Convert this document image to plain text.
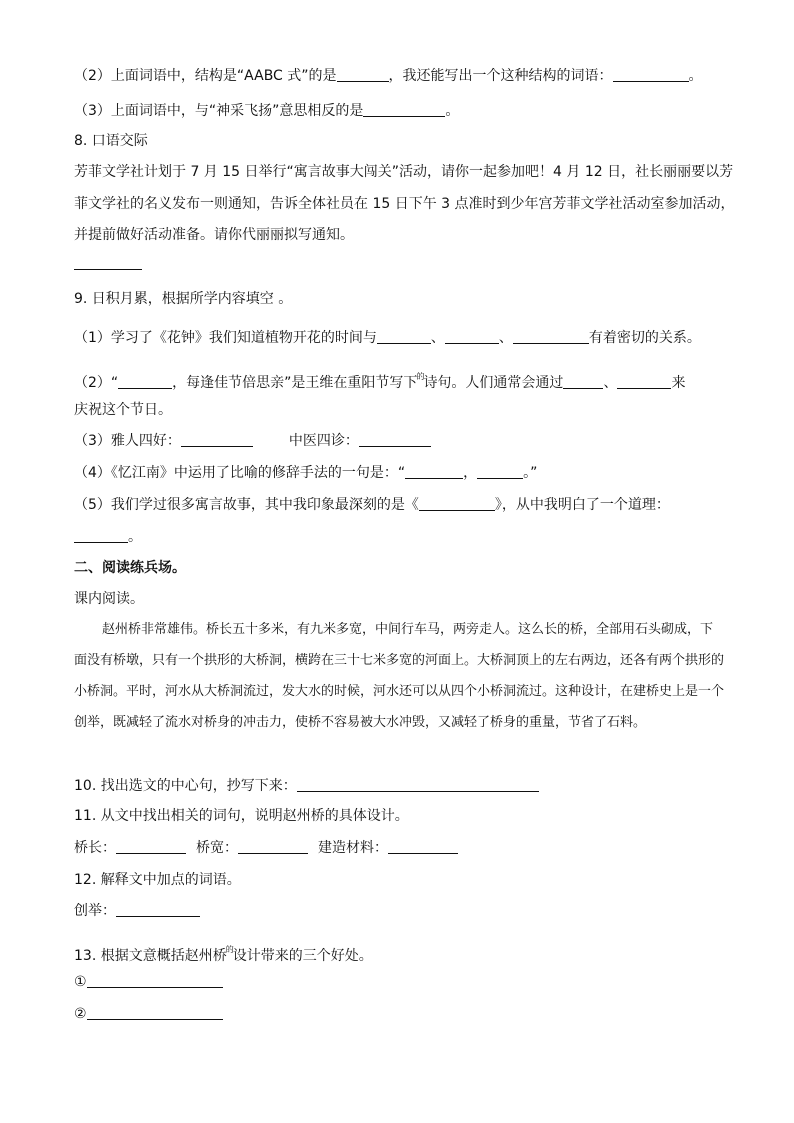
（2）上面词语中，结构是“AABC 式”的是	，我还能写出一个这种结构的词语：	。
（3）上面词语中，与“神采飞扬”意思相反的是	。
8. 口语交际
芳菲文学社计划于 7 月 15 日举行“寓言故事大闯关”活动，请你一起参加吧！4 月 12 日，社长丽丽要以芳
菲文学社的名义发布一则通知，告诉全体社员在 15 日下午 3 点准时到少年宫芳菲文学社活动室参加活动，
并提前做好活动准备。请你代丽丽拟写通知。
9. 日积月累，根据所学内容填空 。
（1）学习了《花钟》我们知道植物开花的时间与	、	、	有着密切的关系。
（2）“	，每逢佳节倍思亲”是王维在重阳节写下$^的$诗句。人们通常会通过	、	来
庆祝这个节日。
（3）雅人四好：	中医四诊：
（4）《忆江南》中运用了比喻的修辞手法的一句是：“	，	。”
（5）我们学过很多寓言故事，其中我印象最深刻的是《	》，从中我明白了一个道理：
。
二、阅读练兵场。
课内阅读。

赵州桥非常雄伟。桥长五十多米，有九米多宽，中间行车马，两旁走人。这么长的桥，全部用石头砌成，下面没有桥墩，只有一个拱形的大桥洞，横跨在三十七米多宽的河面上。大桥洞顶上的左右两边，还各有两个拱形的小桥洞。平时，河水从大桥洞流过，发大水的时候，河水还可以从四个小桥洞流过。这种设计，在建桥史上是一个创举，既减轻了流水对桥身的冲击力，使桥不容易被大水冲毁，又减轻了桥身的重量，节省了石料。

10. 找出选文的中心句，抄写下来：
11. 从文中找出相关的词句，说明赵州桥的具体设计。
桥长：	桥宽：	建造材料：
12. 解释文中加点的词语。
创举：
13. 根据文意概括赵州桥$^的$设计带来的三个好处。
①
②
